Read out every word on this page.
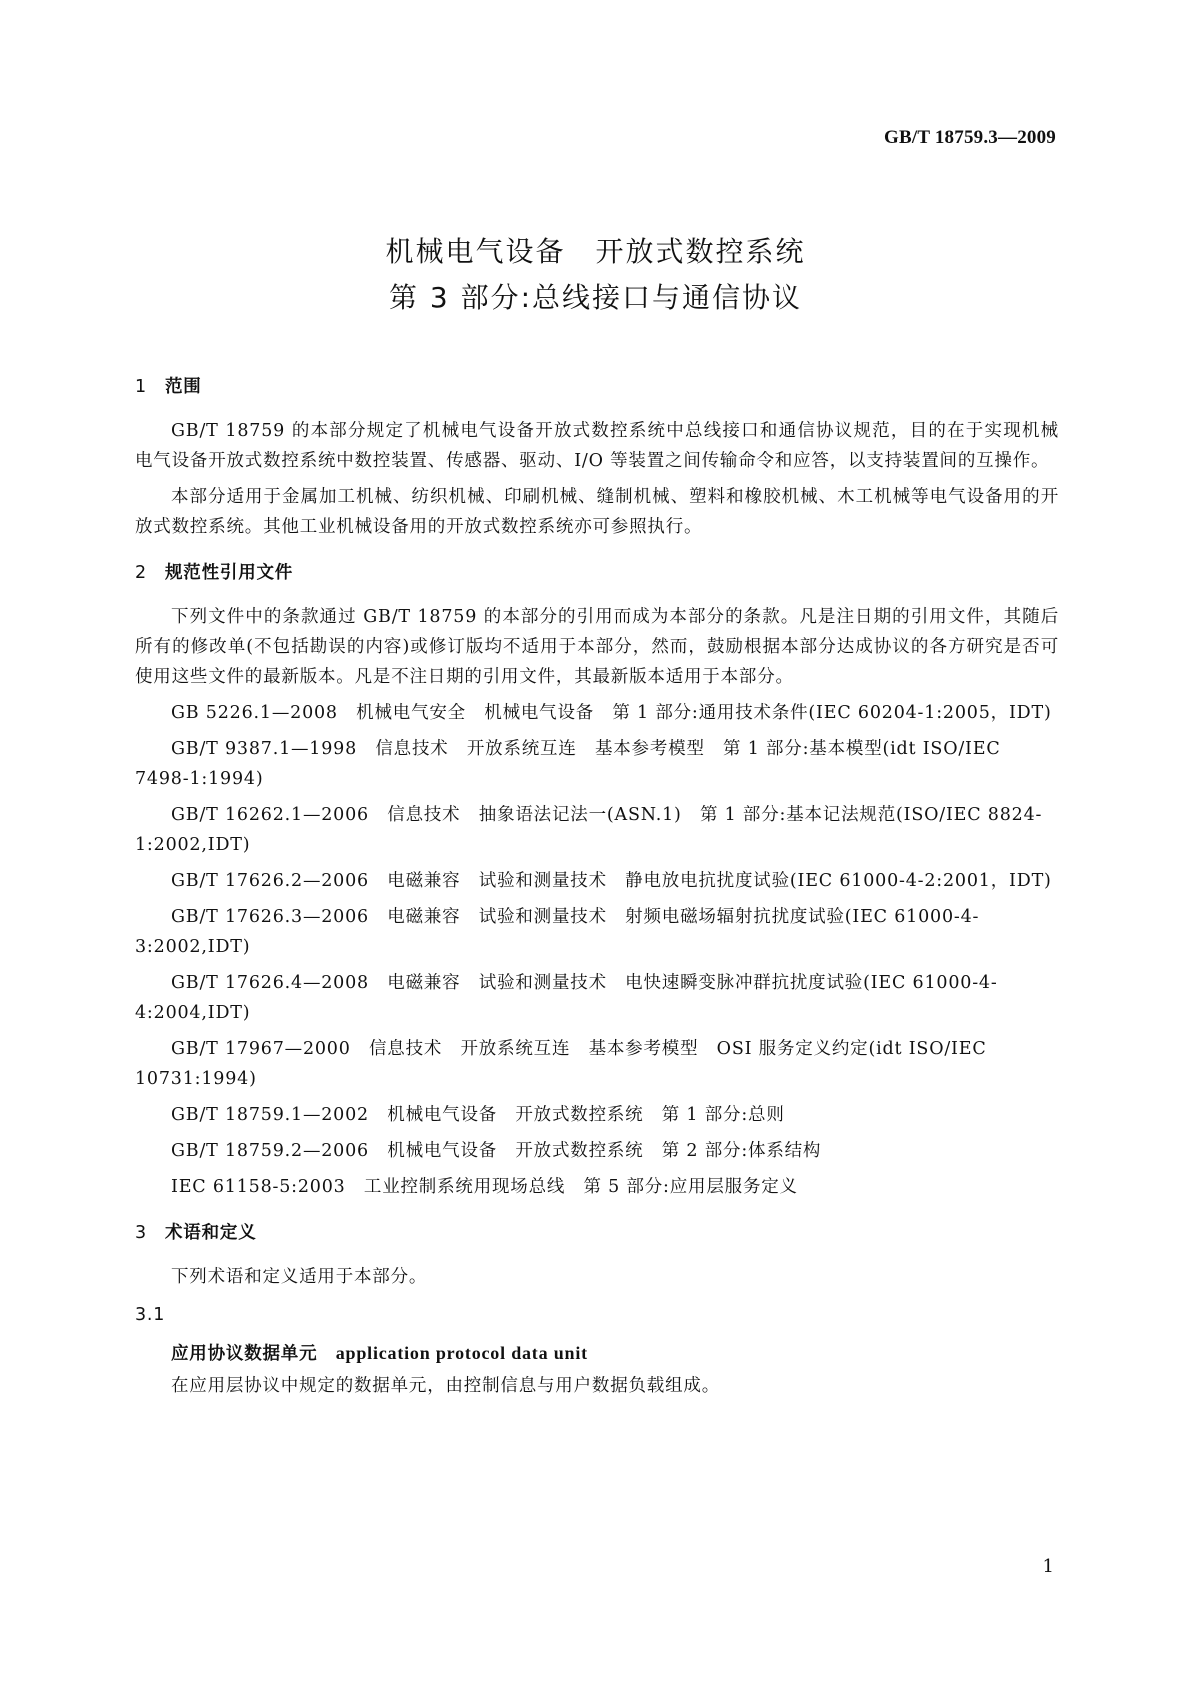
GB/T 18759.3—2009
机械电气设备　开放式数控系统
第 3 部分:总线接口与通信协议
1 范围
GB/T 18759 的本部分规定了机械电气设备开放式数控系统中总线接口和通信协议规范，目的在于实现机械电气设备开放式数控系统中数控装置、传感器、驱动、I/O 等装置之间传输命令和应答，以支持装置间的互操作。
本部分适用于金属加工机械、纺织机械、印刷机械、缝制机械、塑料和橡胶机械、木工机械等电气设备用的开放式数控系统。其他工业机械设备用的开放式数控系统亦可参照执行。
2 规范性引用文件
下列文件中的条款通过 GB/T 18759 的本部分的引用而成为本部分的条款。凡是注日期的引用文件，其随后所有的修改单(不包括勘误的内容)或修订版均不适用于本部分，然而，鼓励根据本部分达成协议的各方研究是否可使用这些文件的最新版本。凡是不注日期的引用文件，其最新版本适用于本部分。
GB 5226.1—2008　机械电气安全　机械电气设备　第 1 部分:通用技术条件(IEC 60204-1:2005，IDT)
GB/T 9387.1—1998　信息技术　开放系统互连　基本参考模型　第 1 部分:基本模型(idt ISO/IEC 7498-1:1994)
GB/T 16262.1—2006　信息技术　抽象语法记法一(ASN.1)　第 1 部分:基本记法规范(ISO/IEC 8824-1:2002,IDT)
GB/T 17626.2—2006　电磁兼容　试验和测量技术　静电放电抗扰度试验(IEC 61000-4-2:2001，IDT)
GB/T 17626.3—2006　电磁兼容　试验和测量技术　射频电磁场辐射抗扰度试验(IEC 61000-4-3:2002,IDT)
GB/T 17626.4—2008　电磁兼容　试验和测量技术　电快速瞬变脉冲群抗扰度试验(IEC 61000-4-4:2004,IDT)
GB/T 17967—2000　信息技术　开放系统互连　基本参考模型　OSI 服务定义约定(idt ISO/IEC 10731:1994)
GB/T 18759.1—2002　机械电气设备　开放式数控系统　第 1 部分:总则
GB/T 18759.2—2006　机械电气设备　开放式数控系统　第 2 部分:体系结构
IEC 61158-5:2003　工业控制系统用现场总线　第 5 部分:应用层服务定义
3 术语和定义
下列术语和定义适用于本部分。
3.1
应用协议数据单元　 application protocol data unit
在应用层协议中规定的数据单元，由控制信息与用户数据负载组成。
1
